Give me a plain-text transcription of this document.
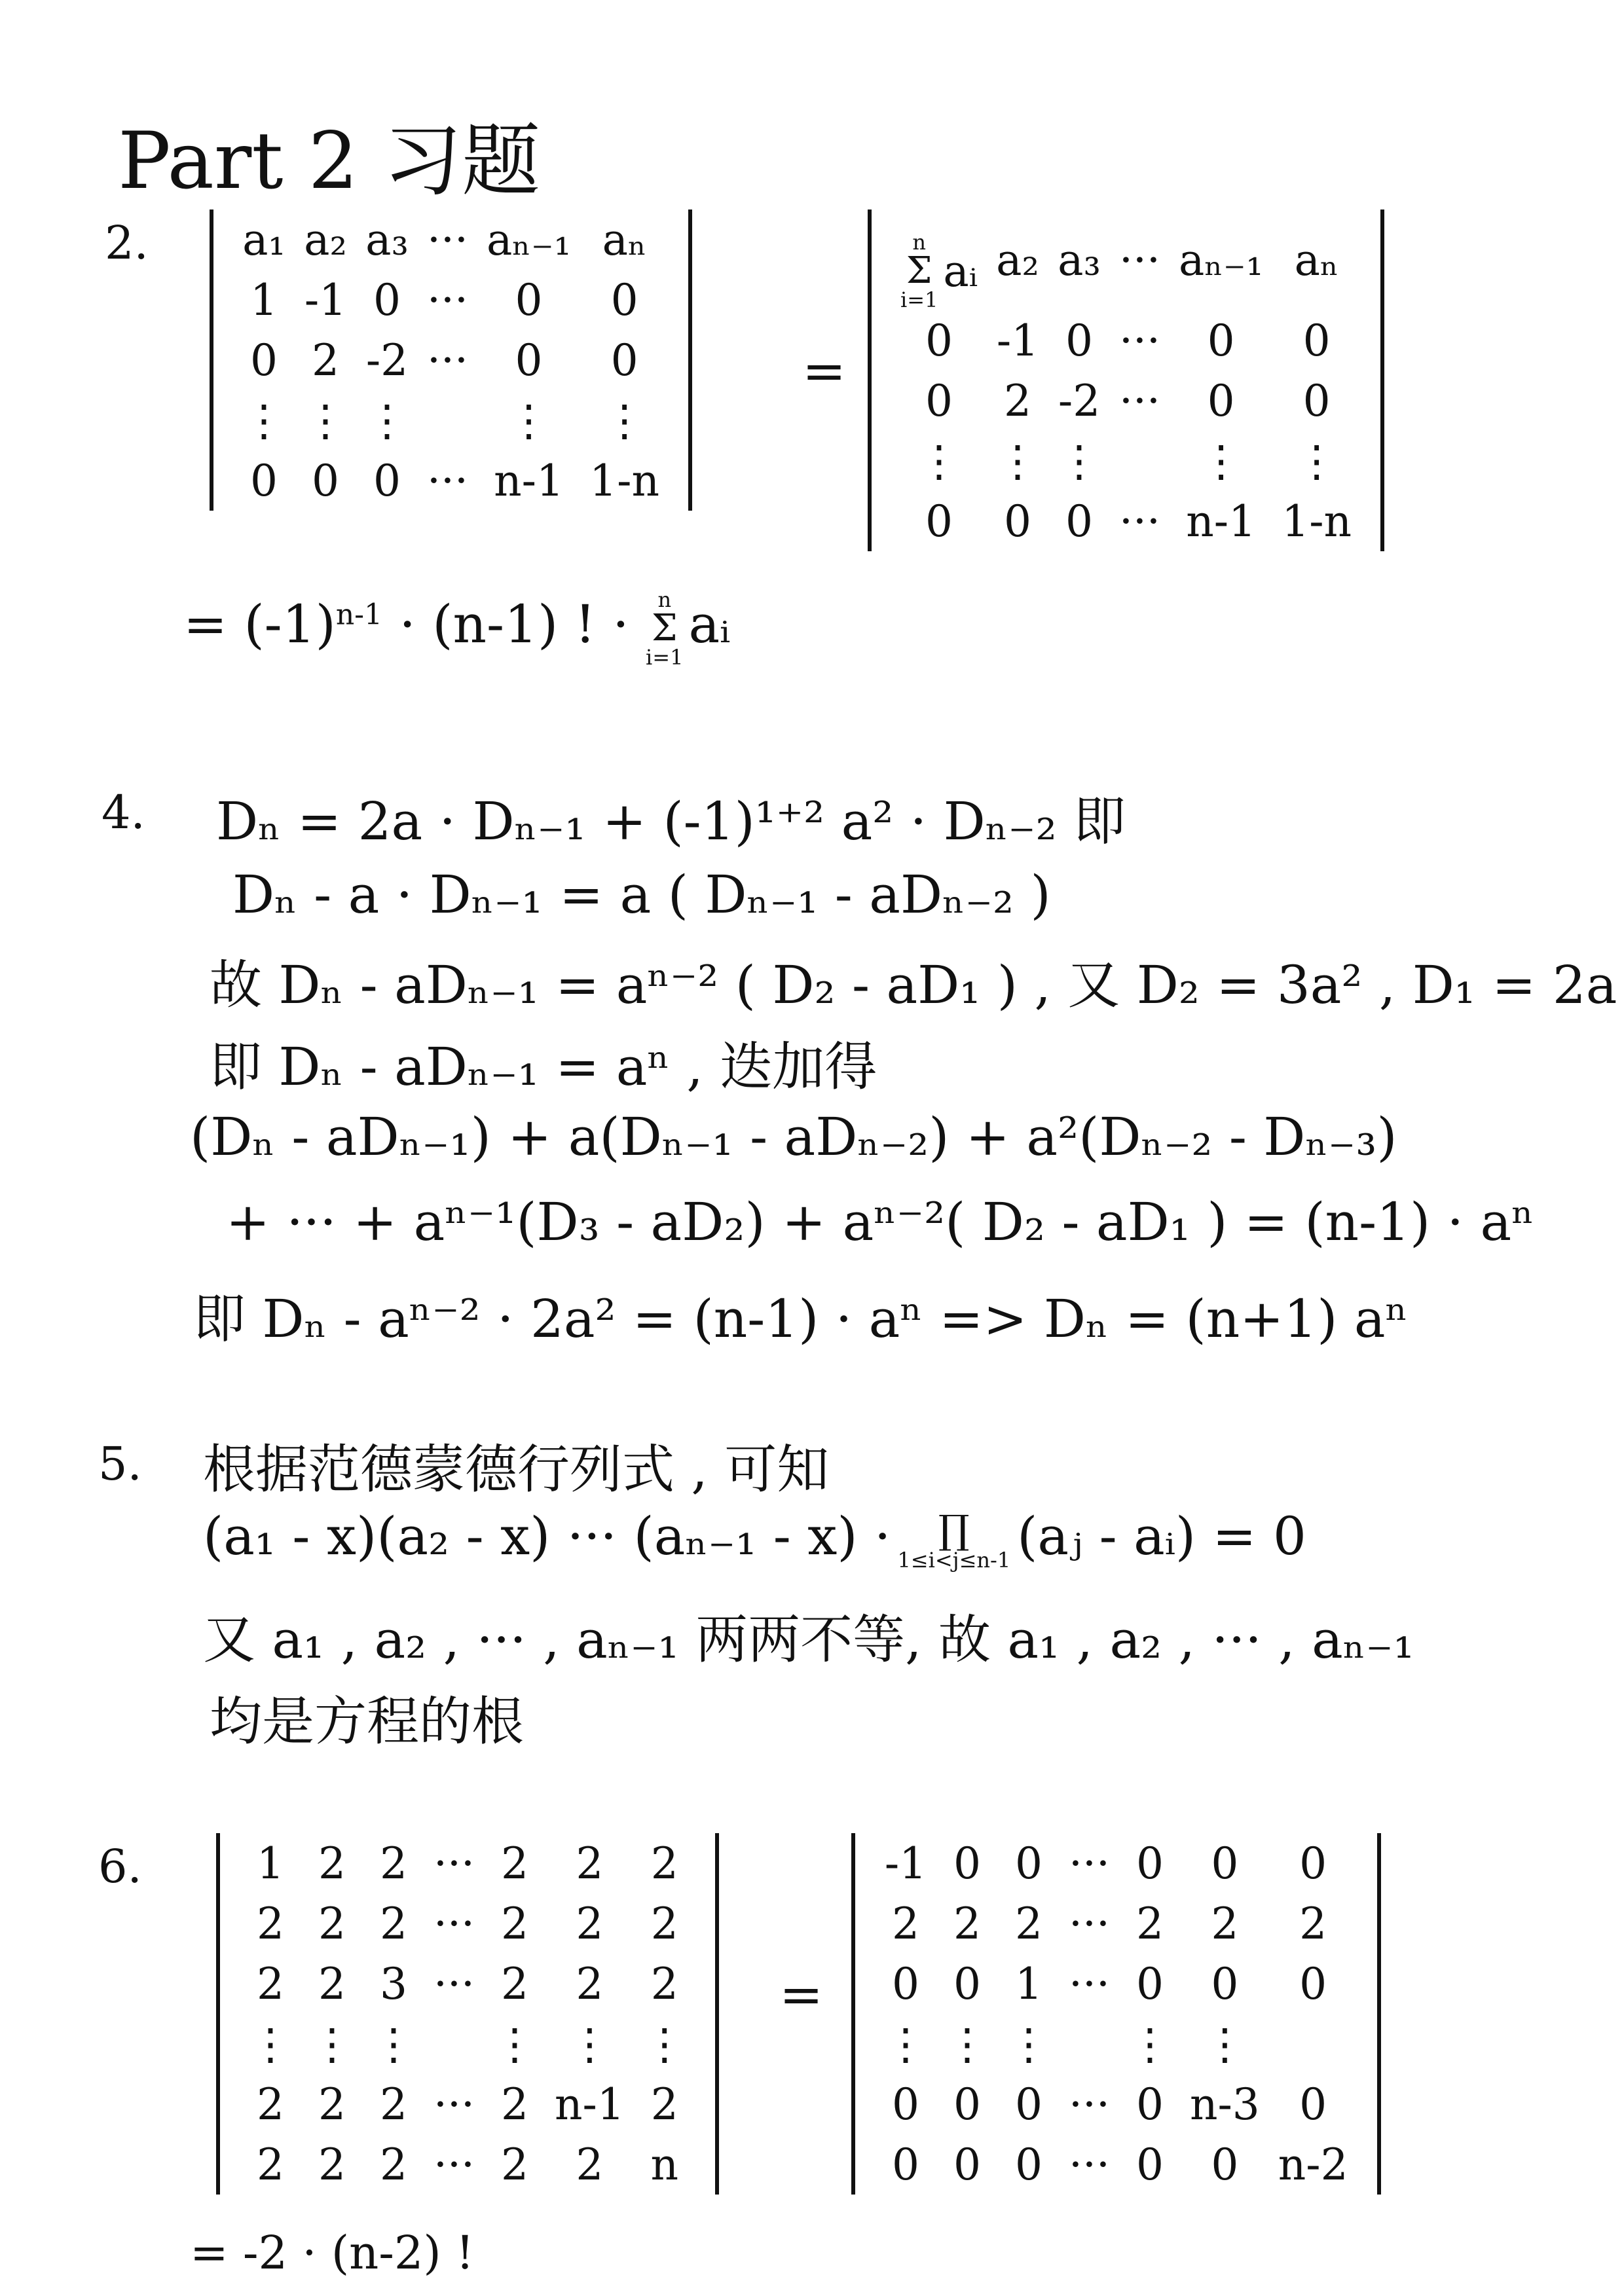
Part 2 习题
2. a₁	a₂	a₃	···	aₙ₋₁	aₙ
1	-1	0	···	0	0
0	2	-2	···	0	0
⋮	⋮	⋮		⋮	⋮
0	0	0	···	n-1	1-n
=
n
Σ
i=1
aᵢ	a₂	a₃	···	aₙ₋₁	aₙ
0	-1	0	···	0	0
0	2	-2	···	0	0
⋮	⋮	⋮		⋮	⋮
0	0	0	···	n-1	1-n
= $(-1)^{n-1} \cdot (n-1)$ ! · n
Σ
i=1
aᵢ
4. Dₙ = 2a · Dₙ₋₁ + (-1)¹⁺² a² · Dₙ₋₂ 即
Dₙ - a · Dₙ₋₁ = a ( Dₙ₋₁ - aDₙ₋₂ )
故 Dₙ - aDₙ₋₁ = aⁿ⁻² ( D₂ - aD₁ ) , 又 D₂ = 3a² , D₁ = 2a
即 Dₙ - aDₙ₋₁ = aⁿ , 迭加得
(Dₙ - aDₙ₋₁) + a(Dₙ₋₁ - aDₙ₋₂) + a²(Dₙ₋₂ - Dₙ₋₃)
+ ··· + aⁿ⁻¹(D₃ - aD₂) + aⁿ⁻²( D₂ - aD₁ ) = (n-1) · aⁿ
即 Dₙ - aⁿ⁻² · 2a² = (n-1) · aⁿ => Dₙ = (n+1) aⁿ
5. 根据范德蒙德行列式 , 可知
(a₁ - x)(a₂ - x) ··· (aₙ₋₁ - x) · ∏
1≤i<j≤n-1 (aⱼ - aᵢ) = 0
又 a₁ , a₂ , ··· , aₙ₋₁ 两两不等, 故 a₁ , a₂ , ··· , aₙ₋₁
均是方程的根
6.	1	2	2	···	2	2	2
2	2	2	···	2	2	2
2	2	3	···	2	2	2
⋮	⋮	⋮		⋮	⋮	⋮
2	2	2	···	2	n-1	2
2	2	2	···	2	2	n
=
-1	0	0	···	0	0	0
2	2	2	···	2	2	2
0	0	1	···	0	0	0
⋮	⋮	⋮		⋮	⋮	
0	0	0	···	0	n-3	0
0	0	0	···	0	0	n-2
= -2 · (n-2) !
